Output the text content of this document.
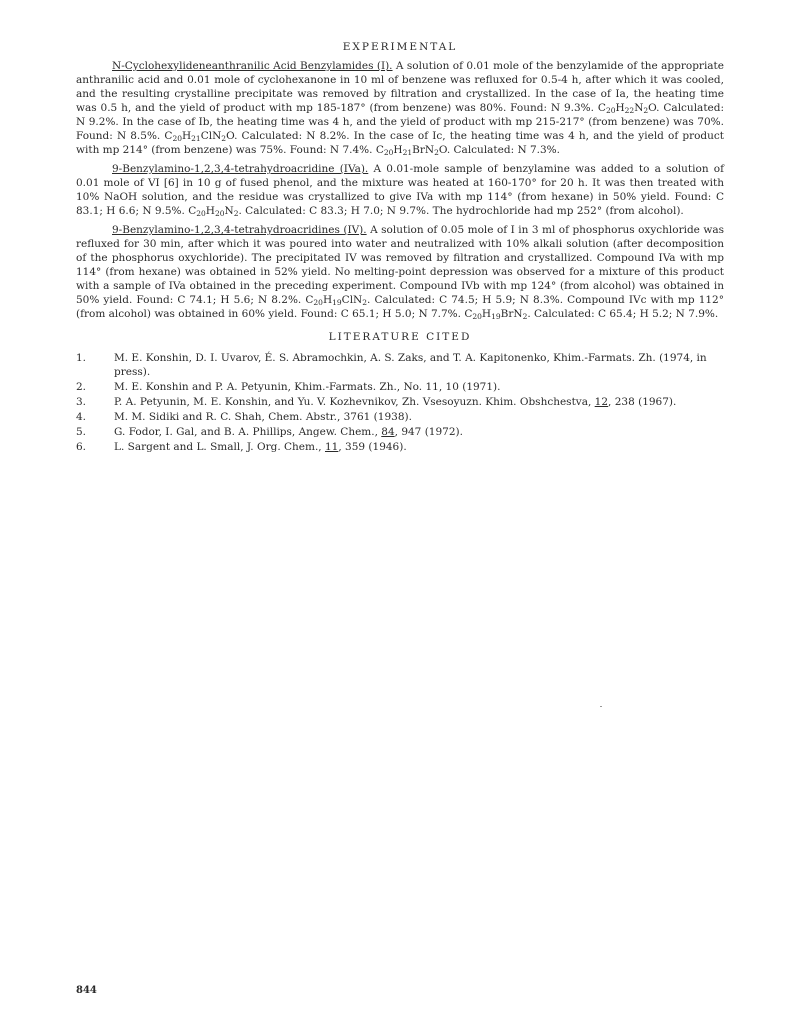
EXPERIMENTAL

N-Cyclohexylideneanthranilic Acid Benzylamides (I). A solution of 0.01 mole of the benzylamide of the appropriate anthranilic acid and 0.01 mole of cyclohexanone in 10 ml of benzene was refluxed for 0.5-4 h, after which it was cooled, and the resulting crystalline precipitate was removed by filtration and crystallized. In the case of Ia, the heating time was 0.5 h, and the yield of product with mp 185-187° (from benzene) was 80%. Found: N 9.3%. $C_{20}H_{22}N_2O$. Calculated: N 9.2%. In the case of Ib, the heating time was 4 h, and the yield of product with mp 215-217° (from benzene) was 70%. Found: N 8.5%. $C_{20}H_{21}ClN_2O$. Calculated: N 8.2%. In the case of Ic, the heating time was 4 h, and the yield of product with mp 214° (from benzene) was 75%. Found: N 7.4%. $C_{20}H_{21}BrN_2O$. Calculated: N 7.3%.

9-Benzylamino-1,2,3,4-tetrahydroacridine (IVa). A 0.01-mole sample of benzylamine was added to a solution of 0.01 mole of VI [6] in 10 g of fused phenol, and the mixture was heated at 160-170° for 20 h. It was then treated with 10% NaOH solution, and the residue was crystallized to give IVa with mp 114° (from hexane) in 50% yield. Found: C 83.1; H 6.6; N 9.5%. $C_{20}H_{20}N_2$. Calculated: C 83.3; H 7.0; N 9.7%. The hydrochloride had mp 252° (from alcohol).

9-Benzylamino-1,2,3,4-tetrahydroacridines (IV). A solution of 0.05 mole of I in 3 ml of phosphorus oxychloride was refluxed for 30 min, after which it was poured into water and neutralized with 10% alkali solution (after decomposition of the phosphorus oxychloride). The precipitated IV was removed by filtration and crystallized. Compound IVa with mp 114° (from hexane) was obtained in 52% yield. No melting-point depression was observed for a mixture of this product with a sample of IVa obtained in the preceding experiment. Compound IVb with mp 124° (from alcohol) was obtained in 50% yield. Found: C 74.1; H 5.6; N 8.2%. $C_{20}H_{19}ClN_2$. Calculated: C 74.5; H 5.9; N 8.3%. Compound IVc with mp 112° (from alcohol) was obtained in 60% yield. Found: C 65.1; H 5.0; N 7.7%. $C_{20}H_{19}BrN_2$. Calculated: C 65.4; H 5.2; N 7.9%.

LITERATURE CITED
1.	M. E. Konshin, D. I. Uvarov, É. S. Abramochkin, A. S. Zaks, and T. A. Kapitonenko, Khim.-Farmats. Zh. (1974, in press).
2.	M. E. Konshin and P. A. Petyunin, Khim.-Farmats. Zh., No. 11, 10 (1971).
3.	P. A. Petyunin, M. E. Konshin, and Yu. V. Kozhevnikov, Zh. Vsesoyuzn. Khim. Obshchestva, 12, 238 (1967).
4.	M. M. Sidiki and R. C. Shah, Chem. Abstr., 3761 (1938).
5.	G. Fodor, I. Gal, and B. A. Phillips, Angew. Chem., 84, 947 (1972).
6.	L. Sargent and L. Small, J. Org. Chem., 11, 359 (1946).
844
